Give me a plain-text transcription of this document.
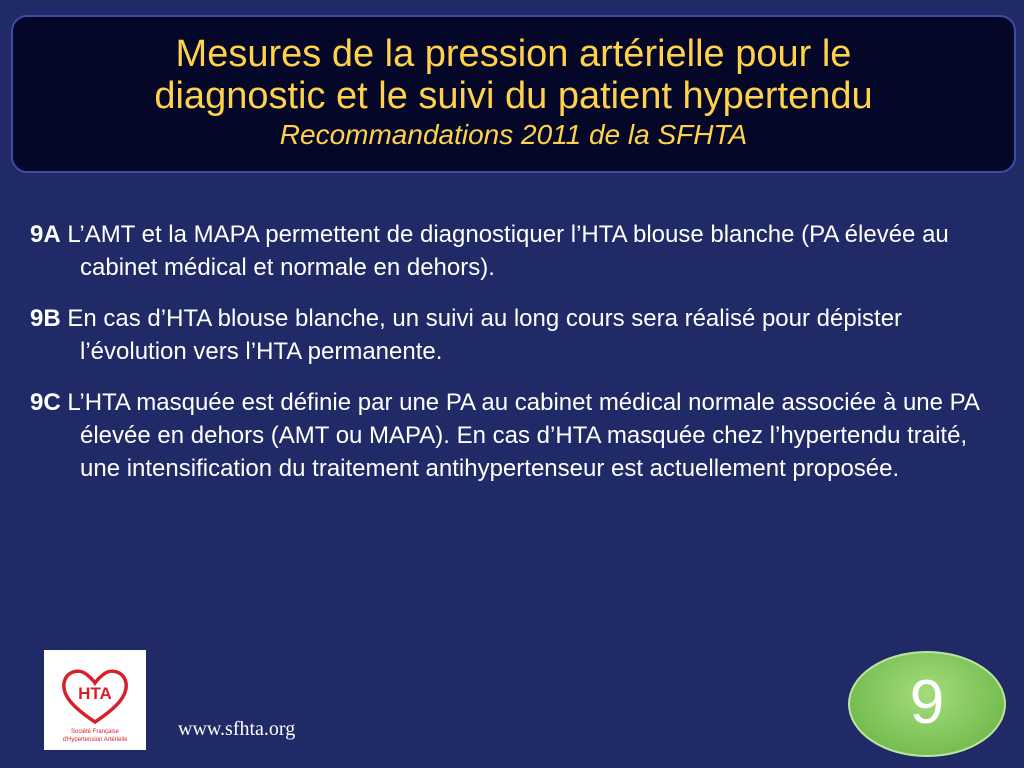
Mesures de la pression artérielle pour le
diagnostic et le suivi du patient hypertendu
Recommandations 2011 de la SFHTA

9A L’AMT et la MAPA permettent de diagnostiquer l’HTA blouse blanche (PA élevée au cabinet médical et normale en dehors).

9B En cas d’HTA blouse blanche, un suivi au long cours sera réalisé pour dépister l’évolution vers l’HTA permanente.

9C L’HTA masquée est définie par une PA au cabinet médical normale associée à une PA élevée en dehors (AMT ou MAPA). En cas d’HTA masquée chez l’hypertendu traité, une intensification du traitement antihypertenseur est actuellement proposée.

HTA
Société Française
d'Hypertension Artérielle	www.sfhta.org	9
